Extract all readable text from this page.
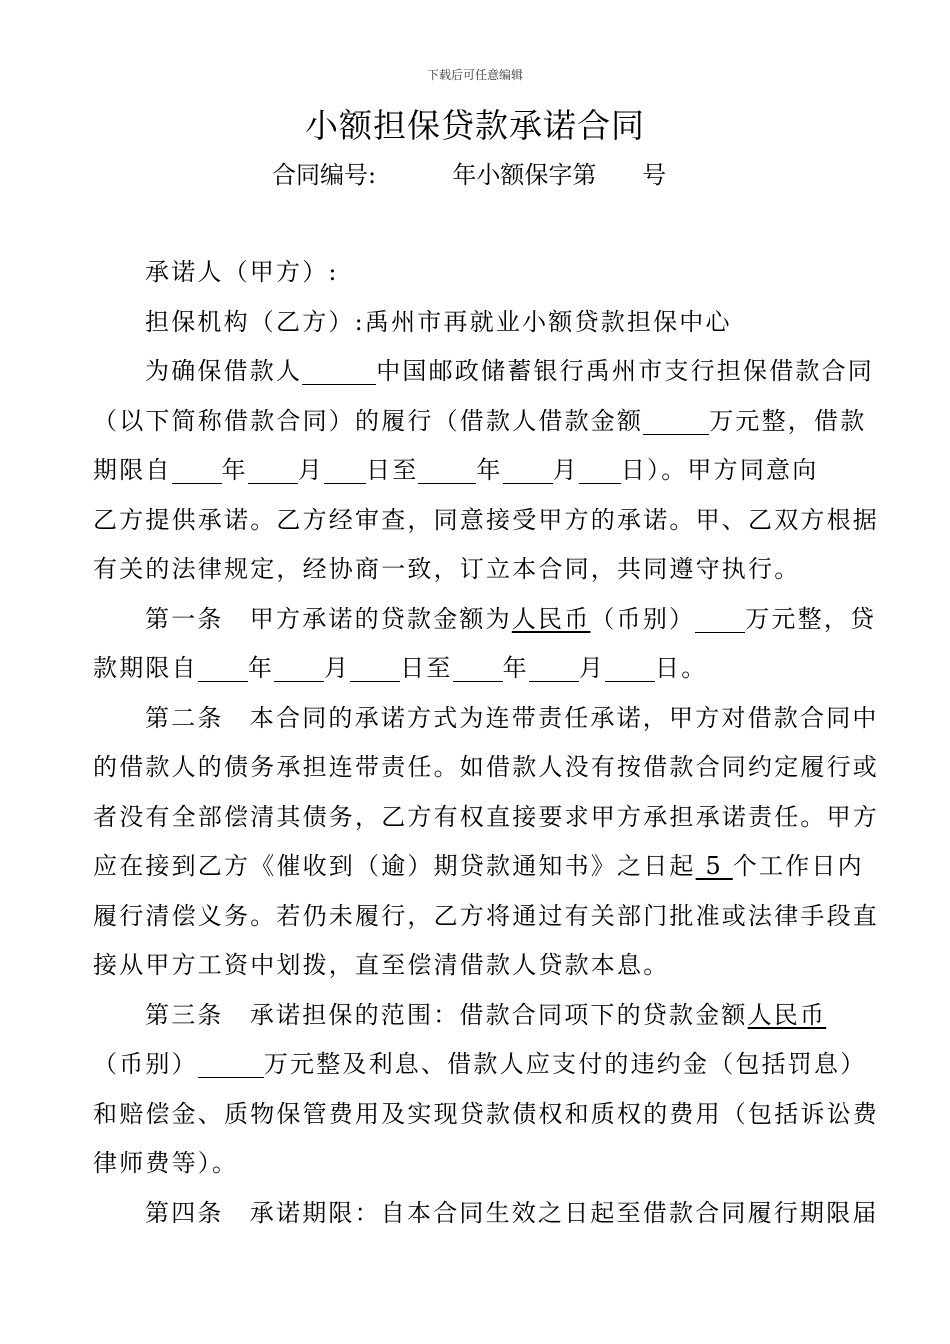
下载后可任意编辑
小额担保贷款承诺合同
合同编号:	年小额保字第 号
承诺人（甲方）:
担保机构（乙方）:禹州市再就业小额贷款担保中心
为确保借款人	中国邮政储蓄银行禹州市支行担保借款合同
（以下简称借款合同）的履行（借款人借款金额	万元整，借款
期限自 年 月 日至 年 月 日）。甲方同意向
乙方提供承诺。乙方经审查，同意接受甲方的承诺。甲、乙双方根据
有关的法律规定，经协商一致，订立本合同，共同遵守执行。
第一条　甲方承诺的贷款金额为人民币（币别） 万元整，贷
款期限自 年 月 日至 年 月 日。
第二条　本合同的承诺方式为连带责任承诺，甲方对借款合同中
的借款人的债务承担连带责任。如借款人没有按借款合同约定履行或
者没有全部偿清其债务，乙方有权直接要求甲方承担承诺责任。甲方
应在接到乙方《催收到（逾）期贷款通知书》之日起 5 个工作日内
履行清偿义务。若仍未履行，乙方将通过有关部门批准或法律手段直
接从甲方工资中划拨，直至偿清借款人贷款本息。
第三条　承诺担保的范围：借款合同项下的贷款金额人民币
（币别）	万元整及利息、借款人应支付的违约金（包括罚息）
和赔偿金、质物保管费用及实现贷款债权和质权的费用（包括诉讼费
律师费等）。
第四条　承诺期限：自本合同生效之日起至借款合同履行期限届
